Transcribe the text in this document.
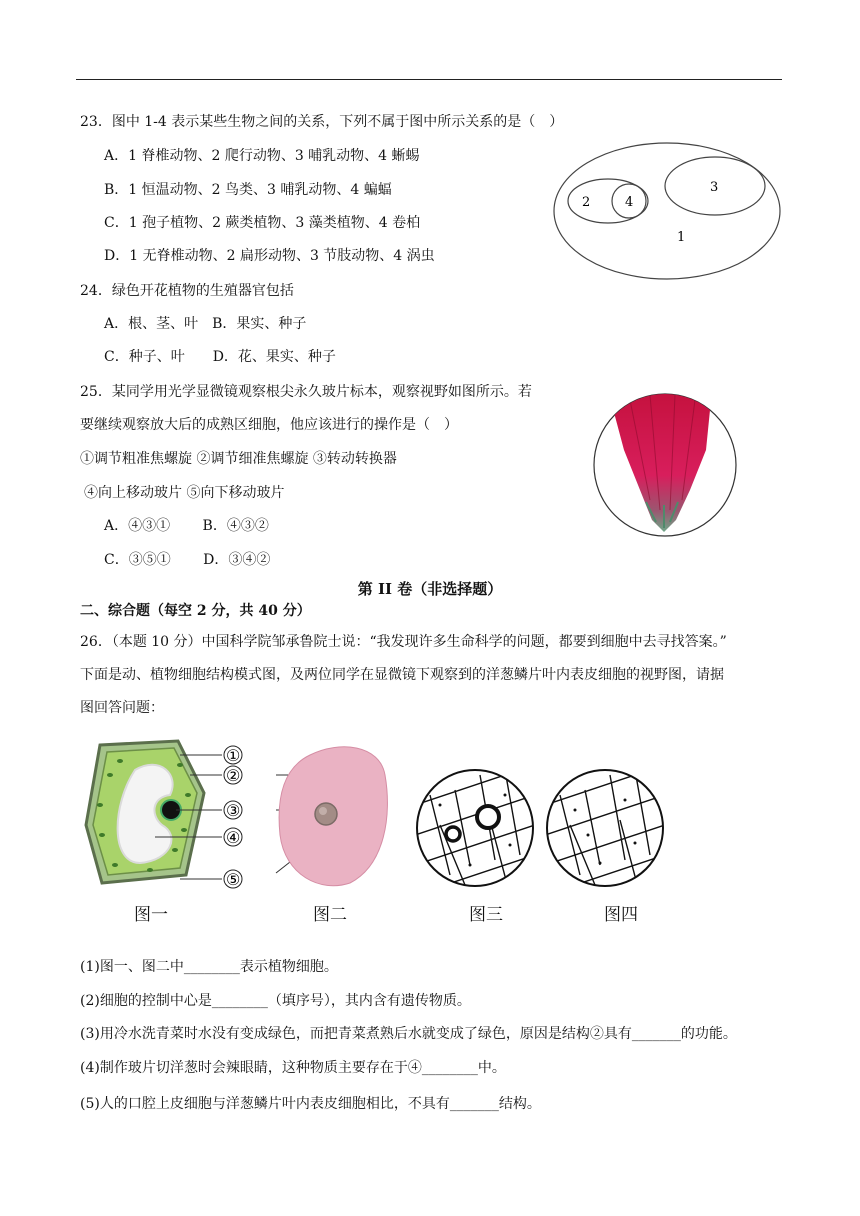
23．图中 1-4 表示某些生物之间的关系，下列不属于图中所示关系的是（　）
A．1 脊椎动物、2 爬行动物、3 哺乳动物、4 蜥蜴
B．1 恒温动物、2 鸟类、3 哺乳动物、4 蝙蝠
C．1 孢子植物、2 蕨类植物、3 藻类植物、4 卷柏
D．1 无脊椎动物、2 扁形动物、3 节肢动物、4 涡虫
1
2
3
4
24．绿色开花植物的生殖器官包括
A．根、茎、叶　B．果实、种子
C．种子、叶　　D．花、果实、种子
25．某同学用光学显微镜观察根尖永久玻片标本，观察视野如图所示。若
要继续观察放大后的成熟区细胞，他应该进行的操作是（　）
①调节粗准焦螺旋 ②调节细准焦螺旋 ③转动转换器
④向上移动玻片 ⑤向下移动玻片
A．④③①　　 B．④③②
C．③⑤①　　 D．③④②
第 II 卷（非选择题）
二、综合题（每空 2 分，共 40 分）
26．（本题 10 分）中国科学院邹承鲁院士说：“我发现许多生命科学的问题，都要到细胞中去寻找答案。”
下面是动、植物细胞结构模式图，及两位同学在显微镜下观察到的洋葱鳞片叶内表皮细胞的视野图，请据
图回答问题：
①
②
③
④
⑤
图一	图二	图三	图四
(1)图一、图二中________表示植物细胞。
(2)细胞的控制中心是________（填序号），其内含有遗传物质。
(3)用冷水洗青菜时水没有变成绿色，而把青菜煮熟后水就变成了绿色，原因是结构②具有_______的功能。
(4)制作玻片切洋葱时会辣眼睛，这种物质主要存在于④________中。
(5)人的口腔上皮细胞与洋葱鳞片叶内表皮细胞相比，不具有_______结构。
